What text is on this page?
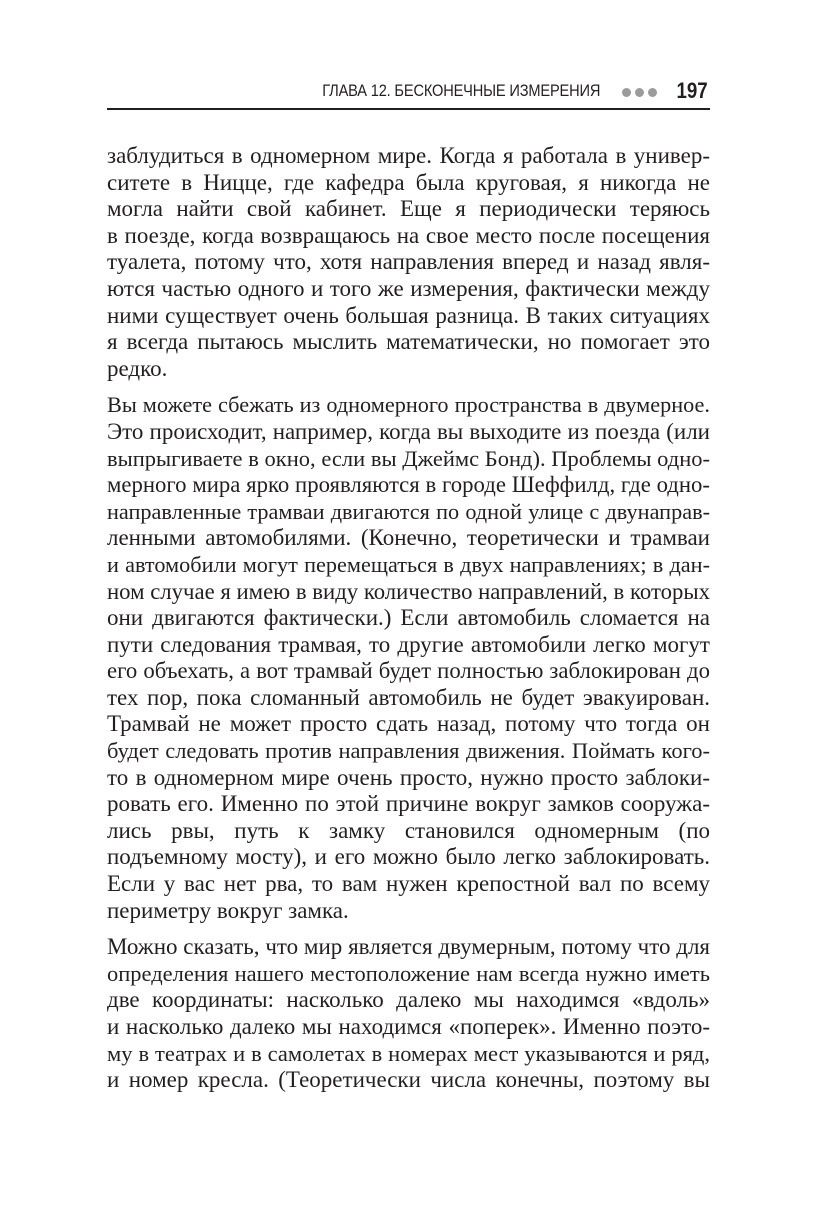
ГЛАВА 12. БЕСКОНЕЧНЫЕ ИЗМЕРЕНИЯ	197

заблудиться в одномерном мире. Когда я работала в универ-
ситете в Ницце, где кафедра была круговая, я никогда не
могла найти свой кабинет. Еще я периодически теряюсь
в поезде, когда возвращаюсь на свое место после посещения
туалета, потому что, хотя направления вперед и назад явля-
ются частью одного и того же измерения, фактически между
ними существует очень большая разница. В таких ситуациях
я всегда пытаюсь мыслить математически, но помогает это
редко.

Вы можете сбежать из одномерного пространства в двумерное.
Это происходит, например, когда вы выходите из поезда (или
выпрыгиваете в окно, если вы Джеймс Бонд). Проблемы одно-
мерного мира ярко проявляются в городе Шеффилд, где одно-
направленные трамваи двигаются по одной улице с двунаправ-
ленными автомобилями. (Конечно, теоретически и трамваи
и автомобили могут перемещаться в двух направлениях; в дан-
ном случае я имею в виду количество направлений, в которых
они двигаются фактически.) Если автомобиль сломается на
пути следования трамвая, то другие автомобили легко могут
его объехать, а вот трамвай будет полностью заблокирован до
тех пор, пока сломанный автомобиль не будет эвакуирован.
Трамвай не может просто сдать назад, потому что тогда он
будет следовать против направления движения. Поймать кого-
то в одномерном мире очень просто, нужно просто заблоки-
ровать его. Именно по этой причине вокруг замков сооружа-
лись рвы, путь к замку становился одномерным (по
подъемному мосту), и его можно было легко заблокировать.
Если у вас нет рва, то вам нужен крепостной вал по всему
периметру вокруг замка.

Можно сказать, что мир является двумерным, потому что для
определения нашего местоположение нам всегда нужно иметь
две координаты: насколько далеко мы находимся «вдоль»
и насколько далеко мы находимся «поперек». Именно поэто-
му в театрах и в самолетах в номерах мест указываются и ряд,
и номер кресла. (Теоретически числа конечны, поэтому вы
